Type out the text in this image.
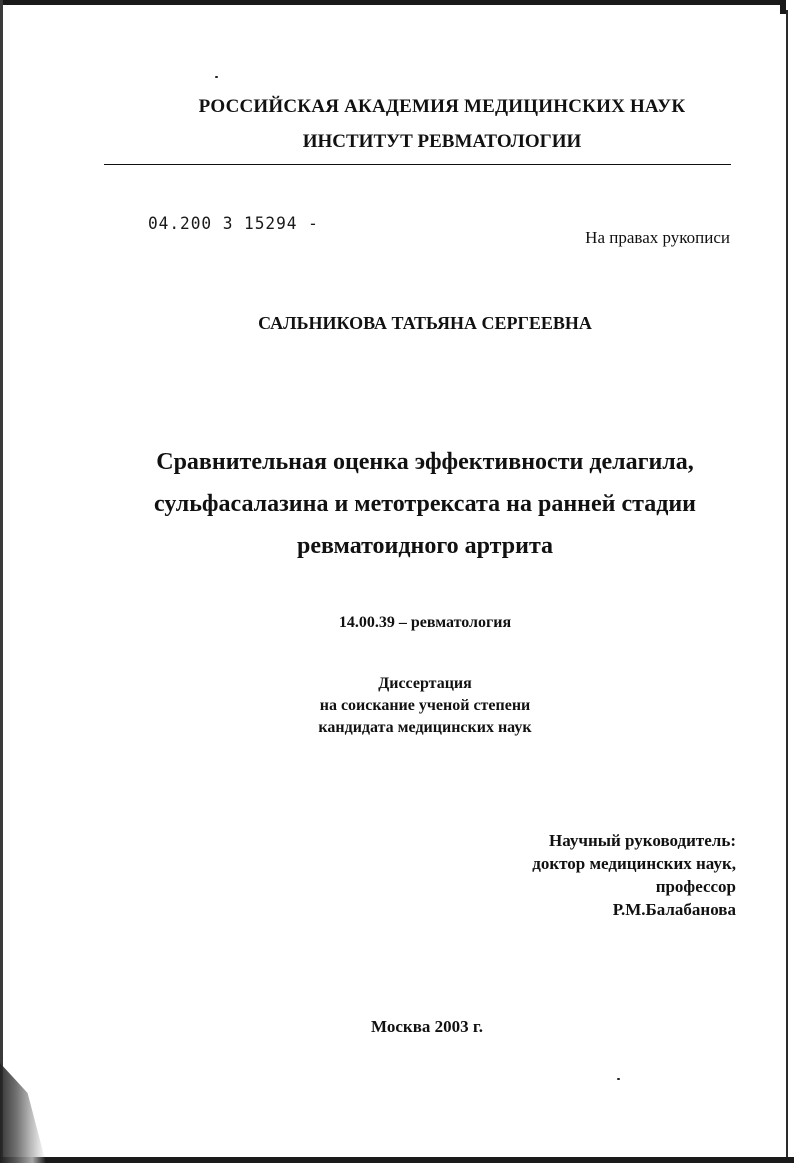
РОССИЙСКАЯ АКАДЕМИЯ МЕДИЦИНСКИХ НАУК
ИНСТИТУТ РЕВМАТОЛОГИИ
04.200 3 15294 -
На правах рукописи
САЛЬНИКОВА ТАТЬЯНА СЕРГЕЕВНА
Сравнительная оценка эффективности делагила,
сульфасалазина и метотрексата на ранней стадии
ревматоидного артрита
14.00.39 – ревматология
Диссертация
на соискание ученой степени
кандидата медицинских наук
Научный руководитель:
доктор медицинских наук,
профессор
Р.М.Балабанова
Москва 2003 г.
